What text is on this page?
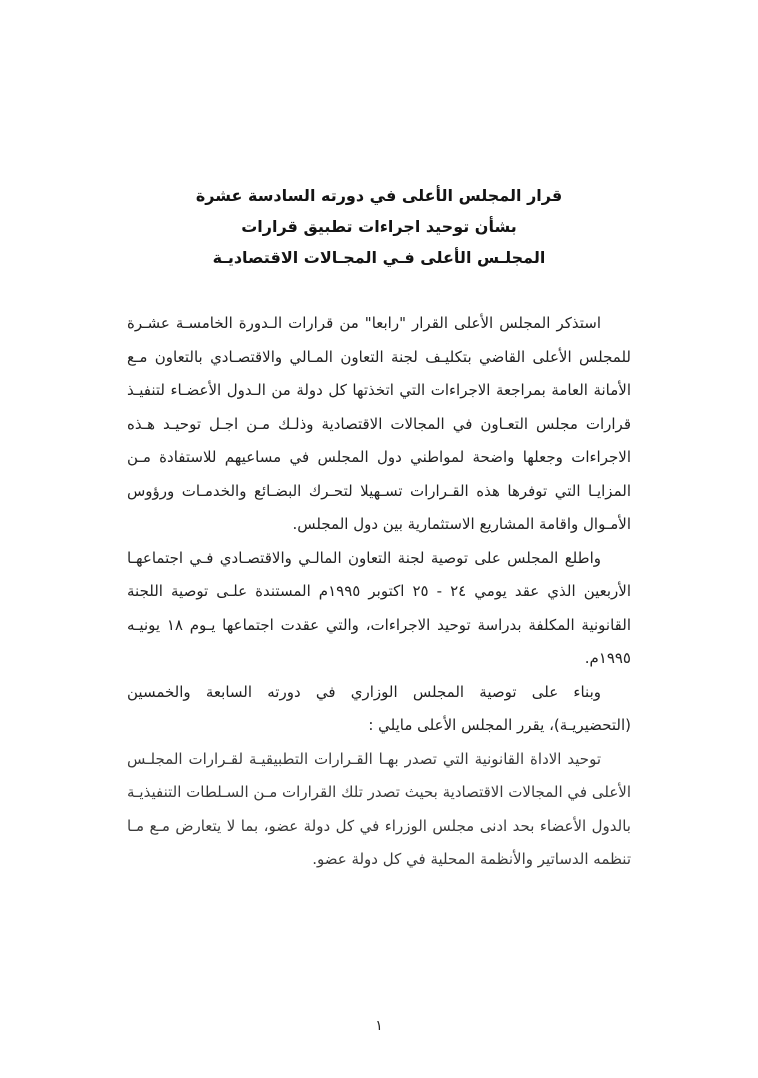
قرار المجلس الأعلى في دورته السادسة عشرة
بشأن توحيد اجراءات تطبيق قرارات
المجلـس الأعلى فـي المجـالات الاقتصاديـة

استذكر المجلس الأعلى القرار "رابعا" من قرارات الـدورة الخامسـة عشـرة للمجلس الأعلى القاضي بتكليـف لجنة التعاون المـالي والاقتصـادي بالتعاون مـع الأمانة العامة بمراجعة الاجراءات التي اتخذتها كل دولة من الـدول الأعضـاء لتنفيـذ قرارات مجلس التعـاون في المجالات الاقتصادية وذلـك مـن اجـل توحيـد هـذه الاجراءات وجعلها واضحة لمواطني دول المجلس في مساعيهم للاستفادة مـن المزايـا التي توفرها هذه القـرارات تسـهيلا لتحـرك البضـائع والخدمـات ورؤوس الأمـوال واقامة المشاريع الاستثمارية بين دول المجلس.

واطلع المجلس على توصية لجنة التعاون المالـي والاقتصـادي فـي اجتماعهـا الأربعين الذي عقد يومي ٢٤ - ٢٥ اكتوبر ١٩٩٥م المستندة علـى توصية اللجنة القانونية المكلفة بدراسة توحيد الاجراءات، والتي عقدت اجتماعها يـوم ١٨ يونيـه ١٩٩٥م.

وبناء على توصية المجلس الوزاري في دورته السابعة والخمسين (التحضيريـة)، يقرر المجلس الأعلى مايلي :

توحيد الاداة القانونية التي تصدر بهـا القـرارات التطبيقيـة لقـرارات المجلـس الأعلى في المجالات الاقتصادية بحيث تصدر تلك القرارات مـن السـلطات التنفيذيـة بالدول الأعضاء بحد ادنى مجلس الوزراء في كل دولة عضو، بما لا يتعارض مـع مـا تنظمه الدساتير والأنظمة المحلية في كل دولة عضو.

١
